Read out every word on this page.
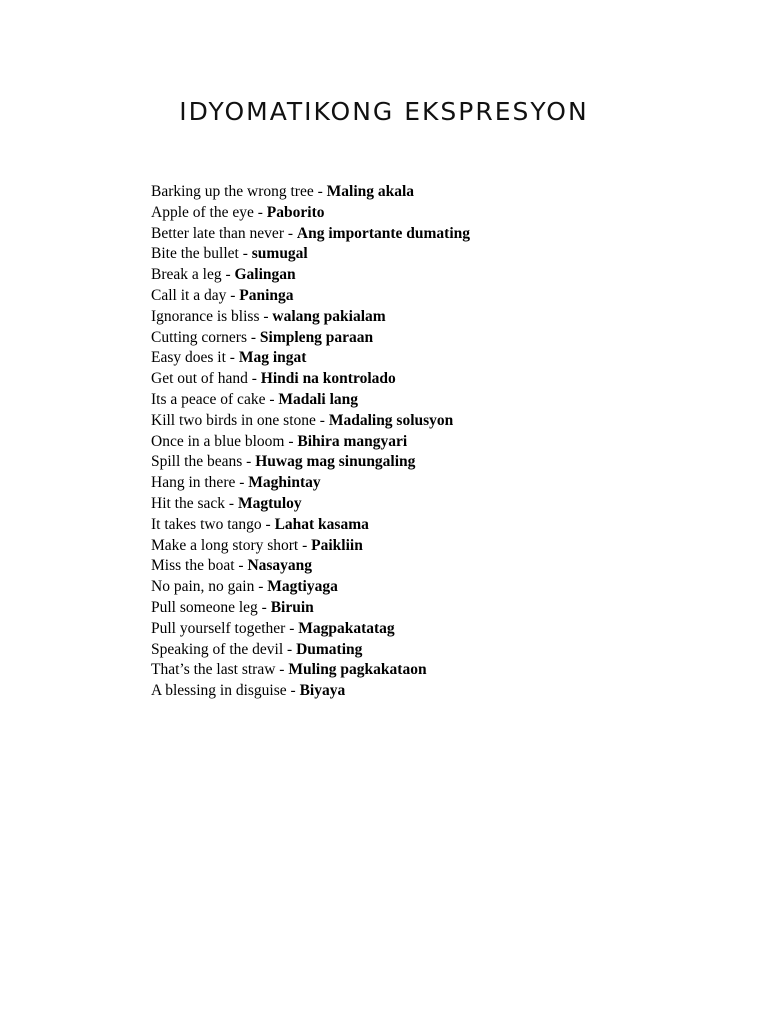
IDYOMATIKONG EKSPRESYON
Barking up the wrong tree - Maling akala
Apple of the eye - Paborito
Better late than never - Ang importante dumating
Bite the bullet - sumugal
Break a leg - Galingan
Call it a day - Paninga
Ignorance is bliss - walang pakialam
Cutting corners - Simpleng paraan
Easy does it - Mag ingat
Get out of hand - Hindi na kontrolado
Its a peace of cake - Madali lang
Kill two birds in one stone - Madaling solusyon
Once in a blue bloom - Bihira mangyari
Spill the beans - Huwag mag sinungaling
Hang in there - Maghintay
Hit the sack - Magtuloy
It takes two tango - Lahat kasama
Make a long story short - Paikliin
Miss the boat - Nasayang
No pain, no gain - Magtiyaga
Pull someone leg - Biruin
Pull yourself together - Magpakatatag
Speaking of the devil - Dumating
That’s the last straw - Muling pagkakataon
A blessing in disguise - Biyaya
